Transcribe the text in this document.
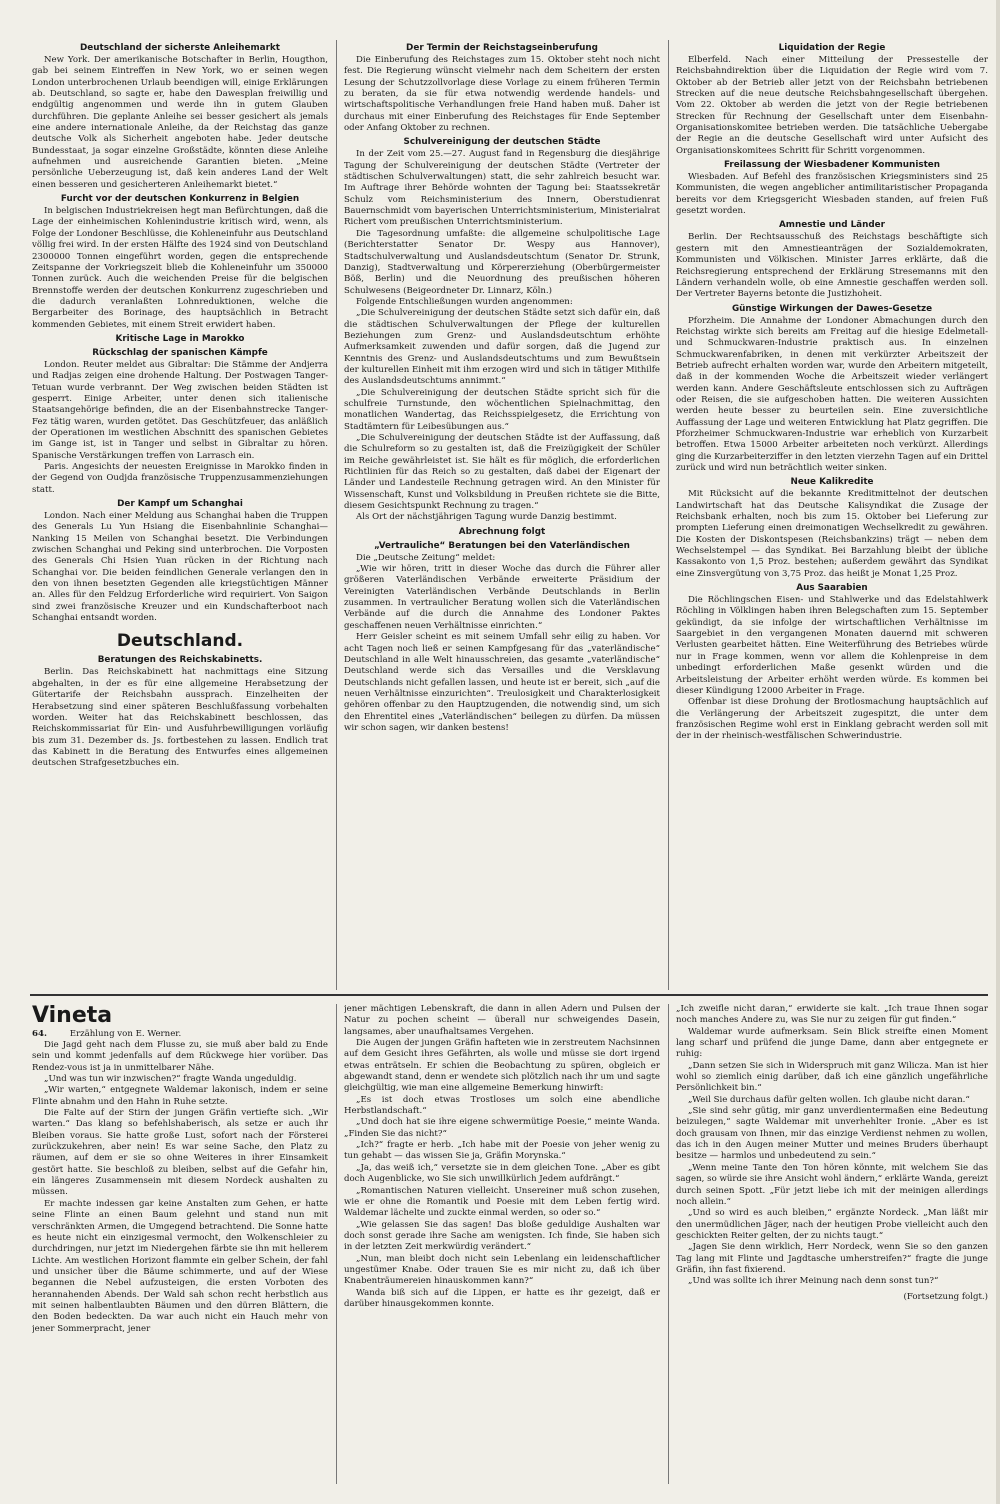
Deutschland der sicherste Anleihemarkt

New York. Der amerikanische Botschafter in Berlin, Hougthon, gab bei seinem Eintreffen in New York, wo er seinen wegen London unterbrochenen Urlaub beendigen will, einige Erklärungen ab. Deutschland, so sagte er, habe den Dawesplan freiwillig und endgültig angenommen und werde ihn in gutem Glauben durchführen. Die geplante Anleihe sei besser gesichert als jemals eine andere internationale Anleihe, da der Reichstag das ganze deutsche Volk als Sicherheit angeboten habe. Jeder deutsche Bundesstaat, ja sogar einzelne Großstädte, könnten diese Anleihe aufnehmen und ausreichende Garantien bieten. „Meine persönliche Ueberzeugung ist, daß kein anderes Land der Welt einen besseren und gesicherteren Anleihemarkt bietet.“

Furcht vor der deutschen Konkurrenz in Belgien

In belgischen Industriekreisen hegt man Befürchtungen, daß die Lage der einheimischen Kohlenindustrie kritisch wird, wenn, als Folge der Londoner Beschlüsse, die Kohleneinfuhr aus Deutschland völlig frei wird. In der ersten Hälfte des 1924 sind von Deutschland 2300000 Tonnen eingeführt worden, gegen die entsprechende Zeitspanne der Vorkriegszeit blieb die Kohleneinfuhr um 350000 Tonnen zurück. Auch die weichenden Preise für die belgischen Brennstoffe werden der deutschen Konkurrenz zugeschrieben und die dadurch veranlaßten Lohnreduktionen, welche die Bergarbeiter des Borinage, des hauptsächlich in Betracht kommenden Gebietes, mit einem Streit erwidert haben.

Kritische Lage in Marokko
Rückschlag der spanischen Kämpfe

London. Reuter meldet aus Gibraltar: Die Stämme der Andjerra und Radjas zeigen eine drohende Haltung. Der Postwagen Tanger-Tetuan wurde verbrannt. Der Weg zwischen beiden Städten ist gesperrt. Einige Arbeiter, unter denen sich italienische Staatsangehörige befinden, die an der Eisenbahnstrecke Tanger-Fez tätig waren, wurden getötet. Das Geschützfeuer, das anläßlich der Operationen im westlichen Abschnitt des spanischen Gebietes im Gange ist, ist in Tanger und selbst in Gibraltar zu hören. Spanische Verstärkungen treffen von Larrasch ein.

Paris. Angesichts der neuesten Ereignisse in Marokko finden in der Gegend von Oudjda französische Truppenzusammenziehungen statt.

Der Kampf um Schanghai

London. Nach einer Meldung aus Schanghai haben die Truppen des Generals Lu Yun Hsiang die Eisenbahnlinie Schanghai—Nanking 15 Meilen von Schanghai besetzt. Die Verbindungen zwischen Schanghai und Peking sind unterbrochen. Die Vorposten des Generals Chi Hsien Yuan rücken in der Richtung nach Schanghai vor. Die beiden feindlichen Generale verlangen den in den von ihnen besetzten Gegenden alle kriegstüchtigen Männer an. Alles für den Feldzug Erforderliche wird requiriert. Von Saigon sind zwei französische Kreuzer und ein Kundschafterboot nach Schanghai entsandt worden.

Deutschland.
Beratungen des Reichskabinetts.

Berlin. Das Reichskabinett hat nachmittags eine Sitzung abgehalten, in der es für eine allgemeine Herabsetzung der Gütertarife der Reichsbahn aussprach. Einzelheiten der Herabsetzung sind einer späteren Beschlußfassung vorbehalten worden. Weiter hat das Reichskabinett beschlossen, das Reichskommissariat für Ein- und Ausfuhrbewilligungen vorläufig bis zum 31. Dezember ds. Js. fortbestehen zu lassen. Endlich trat das Kabinett in die Beratung des Entwurfes eines allgemeinen deutschen Strafgesetzbuches ein.

Der Termin der Reichstagseinberufung

Die Einberufung des Reichstages zum 15. Oktober steht noch nicht fest. Die Regierung wünscht vielmehr nach dem Scheitern der ersten Lesung der Schutzzollvorlage diese Vorlage zu einem früheren Termin zu beraten, da sie für etwa notwendig werdende handels- und wirtschaftspolitische Verhandlungen freie Hand haben muß. Daher ist durchaus mit einer Einberufung des Reichstages für Ende September oder Anfang Oktober zu rechnen.

Schulvereinigung der deutschen Städte

In der Zeit vom 25.—27. August fand in Regensburg die diesjährige Tagung der Schulvereinigung der deutschen Städte (Vertreter der städtischen Schulverwaltungen) statt, die sehr zahlreich besucht war. Im Auftrage ihrer Behörde wohnten der Tagung bei: Staatssekretär Schulz vom Reichsministerium des Innern, Oberstudienrat Bauernschmidt vom bayerischen Unterrichtsministerium, Ministerialrat Richert vom preußischen Unterrichtsministerium.

Die Tagesordnung umfaßte: die allgemeine schulpolitische Lage (Berichterstatter Senator Dr. Wespy aus Hannover), Stadtschulverwaltung und Auslandsdeutschtum (Senator Dr. Strunk, Danzig), Stadtverwaltung und Körpererziehung (Oberbürgermeister Böß, Berlin) und die Neuordnung des preußischen höheren Schulwesens (Beigeordneter Dr. Linnarz, Köln.)

Folgende Entschließungen wurden angenommen:

„Die Schulvereinigung der deutschen Städte setzt sich dafür ein, daß die städtischen Schulverwaltungen der Pflege der kulturellen Beziehungen zum Grenz- und Auslandsdeutschtum erhöhte Aufmerksamkeit zuwenden und dafür sorgen, daß die Jugend zur Kenntnis des Grenz- und Auslandsdeutschtums und zum Bewußtsein der kulturellen Einheit mit ihm erzogen wird und sich in tätiger Mithilfe des Auslandsdeutschtums annimmt.“

„Die Schulvereinigung der deutschen Städte spricht sich für die schulfreie Turnstunde, den wöchentlichen Spielnachmittag, den monatlichen Wandertag, das Reichsspielgesetz, die Errichtung von Stadtämtern für Leibesübungen aus.“

„Die Schulvereinigung der deutschen Städte ist der Auffassung, daß die Schulreform so zu gestalten ist, daß die Freizügigkeit der Schüler im Reiche gewährleistet ist. Sie hält es für möglich, die erforderlichen Richtlinien für das Reich so zu gestalten, daß dabei der Eigenart der Länder und Landesteile Rechnung getragen wird. An den Minister für Wissenschaft, Kunst und Volksbildung in Preußen richtete sie die Bitte, diesem Gesichtspunkt Rechnung zu tragen.“

Als Ort der nächstjährigen Tagung wurde Danzig bestimmt.

Abrechnung folgt
„Vertrauliche“ Beratungen bei den Vaterländischen

Die „Deutsche Zeitung“ meldet:

„Wie wir hören, tritt in dieser Woche das durch die Führer aller größeren Vaterländischen Verbände erweiterte Präsidium der Vereinigten Vaterländischen Verbände Deutschlands in Berlin zusammen. In vertraulicher Beratung wollen sich die Vaterländischen Verbände auf die durch die Annahme des Londoner Paktes geschaffenen neuen Verhältnisse einrichten.“

Herr Geisler scheint es mit seinem Umfall sehr eilig zu haben. Vor acht Tagen noch ließ er seinen Kampfgesang für das „vaterländische“ Deutschland in alle Welt hinausschreien, das gesamte „vaterländische“ Deutschland werde sich das Versailles und die Versklavung Deutschlands nicht gefallen lassen, und heute ist er bereit, sich „auf die neuen Verhältnisse einzurichten“. Treulosigkeit und Charakterlosigkeit gehören offenbar zu den Hauptzugenden, die notwendig sind, um sich den Ehrentitel eines „Vaterländischen“ beilegen zu dürfen. Da müssen wir schon sagen, wir danken bestens!

Liquidation der Regie

Elberfeld. Nach einer Mitteilung der Pressestelle der Reichsbahndirektion über die Liquidation der Regie wird vom 7. Oktober ab der Betrieb aller jetzt von der Reichsbahn betriebenen Strecken auf die neue deutsche Reichsbahngesellschaft übergehen. Vom 22. Oktober ab werden die jetzt von der Regie betriebenen Strecken für Rechnung der Gesellschaft unter dem Eisenbahn-Organisationskomitee betrieben werden. Die tatsächliche Uebergabe der Regie an die deutsche Gesellschaft wird unter Aufsicht des Organisationskomitees Schritt für Schritt vorgenommen.

Freilassung der Wiesbadener Kommunisten

Wiesbaden. Auf Befehl des französischen Kriegsministers sind 25 Kommunisten, die wegen angeblicher antimilitaristischer Propaganda bereits vor dem Kriegsgericht Wiesbaden standen, auf freien Fuß gesetzt worden.

Amnestie und Länder

Berlin. Der Rechtsausschuß des Reichstags beschäftigte sich gestern mit den Amnestieanträgen der Sozialdemokraten, Kommunisten und Völkischen. Minister Jarres erklärte, daß die Reichsregierung entsprechend der Erklärung Stresemanns mit den Ländern verhandeln wolle, ob eine Amnestie geschaffen werden soll. Der Vertreter Bayerns betonte die Justizhoheit.

Günstige Wirkungen der Dawes-Gesetze

Pforzheim. Die Annahme der Londoner Abmachungen durch den Reichstag wirkte sich bereits am Freitag auf die hiesige Edelmetall- und Schmuckwaren-Industrie praktisch aus. In einzelnen Schmuckwarenfabriken, in denen mit verkürzter Arbeitszeit der Betrieb aufrecht erhalten worden war, wurde den Arbeitern mitgeteilt, daß in der kommenden Woche die Arbeitszeit wieder verlängert werden kann. Andere Geschäftsleute entschlossen sich zu Aufträgen oder Reisen, die sie aufgeschoben hatten. Die weiteren Aussichten werden heute besser zu beurteilen sein. Eine zuversichtliche Auffassung der Lage und weiteren Entwicklung hat Platz gegriffen. Die Pforzheimer Schmuckwaren-Industrie war erheblich von Kurzarbeit betroffen. Etwa 15000 Arbeiter arbeiteten noch verkürzt. Allerdings ging die Kurzarbeiterziffer in den letzten vierzehn Tagen auf ein Drittel zurück und wird nun beträchtlich weiter sinken.

Neue Kalikredite

Mit Rücksicht auf die bekannte Kreditmittelnot der deutschen Landwirtschaft hat das Deutsche Kalisyndikat die Zusage der Reichsbank erhalten, noch bis zum 15. Oktober bei Lieferung zur prompten Lieferung einen dreimonatigen Wechselkredit zu gewähren. Die Kosten der Diskontspesen (Reichsbankzins) trägt — neben dem Wechselstempel — das Syndikat. Bei Barzahlung bleibt der übliche Kassakonto von 1,5 Proz. bestehen; außerdem gewährt das Syndikat eine Zinsvergütung von 3,75 Proz. das heißt je Monat 1,25 Proz.

Aus Saarabien

Die Röchlingschen Eisen- und Stahlwerke und das Edelstahlwerk Röchling in Völklingen haben ihren Belegschaften zum 15. September gekündigt, da sie infolge der wirtschaftlichen Verhältnisse im Saargebiet in den vergangenen Monaten dauernd mit schweren Verlusten gearbeitet hätten. Eine Weiterführung des Betriebes würde nur in Frage kommen, wenn vor allem die Kohlenpreise in dem unbedingt erforderlichen Maße gesenkt würden und die Arbeitsleistung der Arbeiter erhöht werden würde. Es kommen bei dieser Kündigung 12000 Arbeiter in Frage.

Offenbar ist diese Drohung der Brotlosmachung hauptsächlich auf die Verlängerung der Arbeitszeit zugespitzt, die unter dem französischen Regime wohl erst in Einklang gebracht werden soll mit der in der rheinisch-westfälischen Schwerindustrie.

Vineta
64.	Erzählung von E. Werner.

Die Jagd geht nach dem Flusse zu, sie muß aber bald zu Ende sein und kommt jedenfalls auf dem Rückwege hier vorüber. Das Rendez-vous ist ja in unmittelbarer Nähe.

„Und was tun wir inzwischen?“ fragte Wanda ungeduldig.

„Wir warten,“ entgegnete Waldemar lakonisch, indem er seine Flinte abnahm und den Hahn in Ruhe setzte.

Die Falte auf der Stirn der jungen Gräfin vertiefte sich. „Wir warten.“ Das klang so befehlshaberisch, als setze er auch ihr Bleiben voraus. Sie hatte große Lust, sofort nach der Försterei zurückzukehren, aber nein! Es war seine Sache, den Platz zu räumen, auf dem er sie so ohne Weiteres in ihrer Einsamkeit gestört hatte. Sie beschloß zu bleiben, selbst auf die Gefahr hin, ein längeres Zusammensein mit diesem Nordeck aushalten zu müssen.

Er machte indessen gar keine Anstalten zum Gehen, er hatte seine Flinte an einen Baum gelehnt und stand nun mit verschränkten Armen, die Umgegend betrachtend. Die Sonne hatte es heute nicht ein einzigesmal vermocht, den Wolkenschleier zu durchdringen, nur jetzt im Niedergehen färbte sie ihn mit hellerem Lichte. Am westlichen Horizont flammte ein gelber Schein, der fahl und unsicher über die Bäume schimmerte, und auf der Wiese begannen die Nebel aufzusteigen, die ersten Vorboten des herannahenden Abends. Der Wald sah schon recht herbstlich aus mit seinen halbentlaubten Bäumen und den dürren Blättern, die den Boden bedeckten. Da war auch nicht ein Hauch mehr von jener Sommerpracht, jener

jener mächtigen Lebenskraft, die dann in allen Adern und Pulsen der Natur zu pochen scheint — überall nur schweigendes Dasein, langsames, aber unaufhaltsames Vergehen.

Die Augen der jungen Gräfin hafteten wie in zerstreutem Nachsinnen auf dem Gesicht ihres Gefährten, als wolle und müsse sie dort irgend etwas enträtseln. Er schien die Beobachtung zu spüren, obgleich er abgewandt stand, denn er wendete sich plötzlich nach ihr um und sagte gleichgültig, wie man eine allgemeine Bemerkung hinwirft:

„Es ist doch etwas Trostloses um solch eine abendliche Herbstlandschaft.“

„Und doch hat sie ihre eigene schwermütige Poesie,“ meinte Wanda. „Finden Sie das nicht?“

„Ich?“ fragte er herb. „Ich habe mit der Poesie von jeher wenig zu tun gehabt — das wissen Sie ja, Gräfin Morynska.“

„Ja, das weiß ich,“ versetzte sie in dem gleichen Tone. „Aber es gibt doch Augenblicke, wo Sie sich unwillkürlich Jedem aufdrängt.“

„Romantischen Naturen vielleicht. Unsereiner muß schon zusehen, wie er ohne die Romantik und Poesie mit dem Leben fertig wird. Waldemar lächelte und zuckte einmal werden, so oder so.“

„Wie gelassen Sie das sagen! Das bloße geduldige Aushalten war doch sonst gerade ihre Sache am wenigsten. Ich finde, Sie haben sich in der letzten Zeit merkwürdig verändert.“

„Nun, man bleibt doch nicht sein Lebenlang ein leidenschaftlicher ungestümer Knabe. Oder trauen Sie es mir nicht zu, daß ich über Knabenträumereien hinauskommen kann?“

Wanda biß sich auf die Lippen, er hatte es ihr gezeigt, daß er darüber hinausgekommen konnte.

„Ich zweifle nicht daran,“ erwiderte sie kalt. „Ich traue Ihnen sogar noch manches Andere zu, was Sie nur zu zeigen für gut finden.“

Waldemar wurde aufmerksam. Sein Blick streifte einen Moment lang scharf und prüfend die junge Dame, dann aber entgegnete er ruhig:

„Dann setzen Sie sich in Widerspruch mit ganz Wilicza. Man ist hier wohl so ziemlich einig darüber, daß ich eine gänzlich ungefährliche Persönlichkeit bin.“

„Weil Sie durchaus dafür gelten wollen. Ich glaube nicht daran.“

„Sie sind sehr gütig, mir ganz unverdientermaßen eine Bedeutung beizulegen,“ sagte Waldemar mit unverhehlter Ironie. „Aber es ist doch grausam von Ihnen, mir das einzige Verdienst nehmen zu wollen, das ich in den Augen meiner Mutter und meines Bruders überhaupt besitze — harmlos und unbedeutend zu sein.“

„Wenn meine Tante den Ton hören könnte, mit welchem Sie das sagen, so würde sie ihre Ansicht wohl ändern,“ erklärte Wanda, gereizt durch seinen Spott. „Für jetzt liebe ich mit der meinigen allerdings noch allein.“

„Und so wird es auch bleiben,“ ergänzte Nordeck. „Man läßt mir den unermüdlichen Jäger, nach der heutigen Probe vielleicht auch den geschickten Reiter gelten, der zu nichts taugt.“

„Jagen Sie denn wirklich, Herr Nordeck, wenn Sie so den ganzen Tag lang mit Flinte und Jagdtasche umherstreifen?“ fragte die junge Gräfin, ihn fast fixierend.

„Und was sollte ich ihrer Meinung nach denn sonst tun?“

(Fortsetzung folgt.)
